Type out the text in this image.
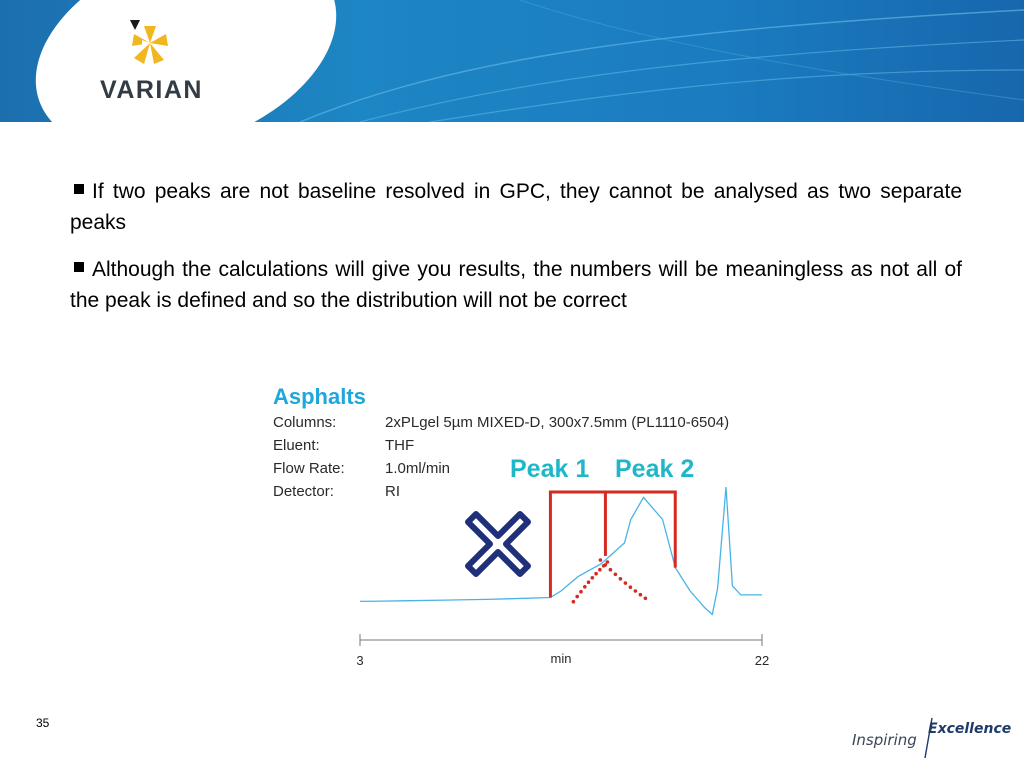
VARIAN
If two peaks are not baseline resolved in GPC, they cannot be analysed as two separate peaks
Although the calculations will give you results, the numbers will be meaningless as not all of the peak is defined and so the distribution will not be correct
Asphalts
Columns:	2xPLgel 5µm MIXED-D, 300x7.5mm (PL1110-6504)
Eluent:	THF
Flow Rate:	1.0ml/min
Detector:	RI
3	22
min
Peak 1 Peak 2
35
Inspiring
Excellence
